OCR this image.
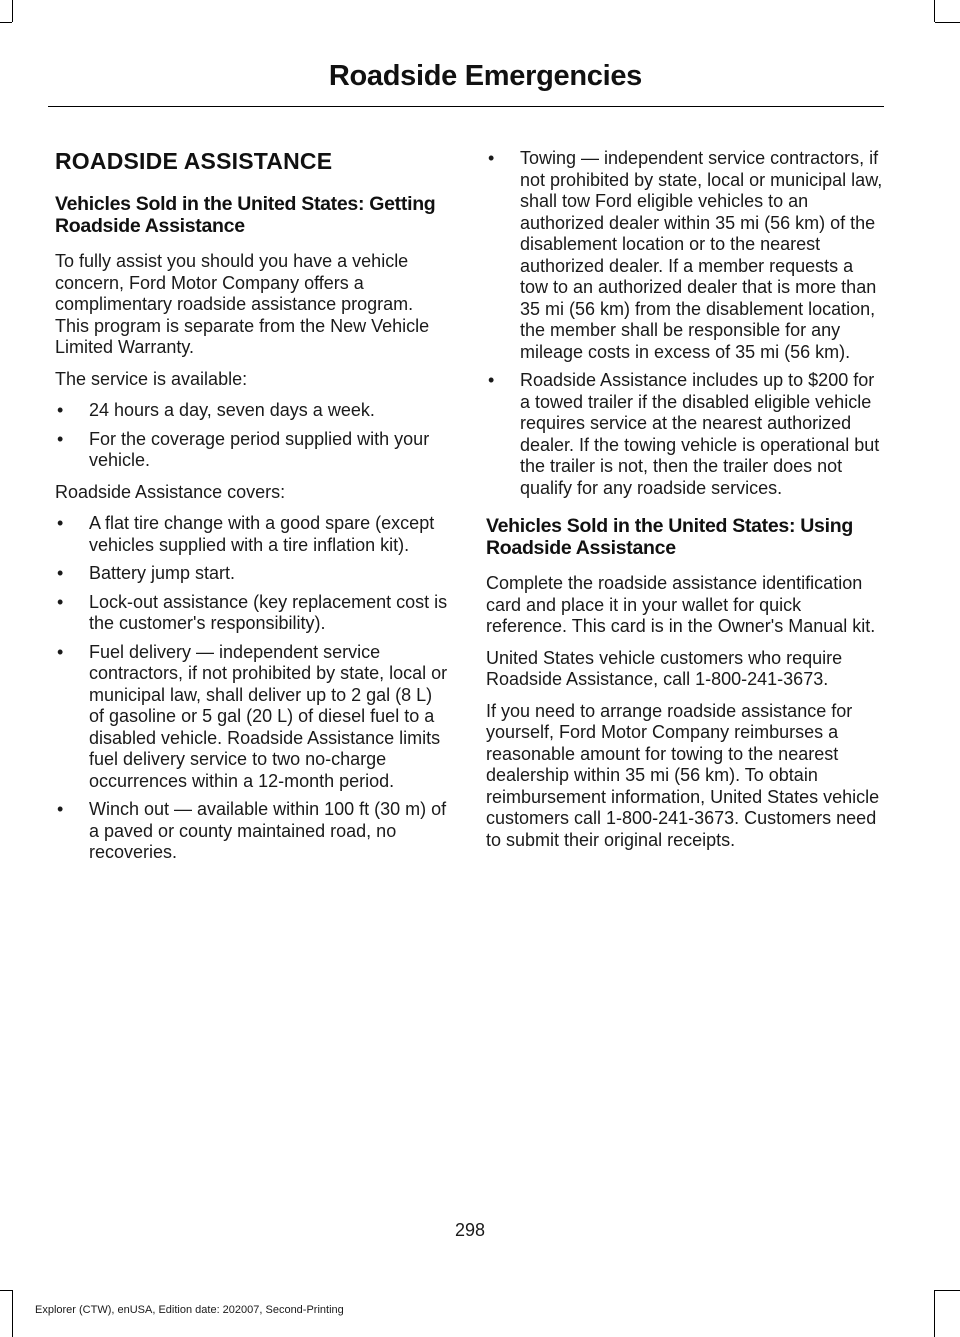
Roadside Emergencies
ROADSIDE ASSISTANCE
Vehicles Sold in the United States: Getting Roadside Assistance

To fully assist you should you have a vehicle concern, Ford Motor Company offers a complimentary roadside assistance program. This program is separate from the New Vehicle Limited Warranty.

The service is available:

• 24 hours a day, seven days a week.
• For the coverage period supplied with your vehicle.

Roadside Assistance covers:

• A flat tire change with a good spare (except vehicles supplied with a tire inflation kit).
• Battery jump start.
• Lock-out assistance (key replacement cost is the customer's responsibility).
• Fuel delivery — independent service contractors, if not prohibited by state, local or municipal law, shall deliver up to 2 gal (8 L) of gasoline or 5 gal (20 L) of diesel fuel to a disabled vehicle. Roadside Assistance limits fuel delivery service to two no-charge occurrences within a 12-month period.
• Winch out — available within 100 ft (30 m) of a paved or county maintained road, no recoveries.
• Towing — independent service contractors, if not prohibited by state, local or municipal law, shall tow Ford eligible vehicles to an authorized dealer within 35 mi (56 km) of the disablement location or to the nearest authorized dealer. If a member requests a tow to an authorized dealer that is more than 35 mi (56 km) from the disablement location, the member shall be responsible for any mileage costs in excess of 35 mi (56 km).
• Roadside Assistance includes up to $200 for a towed trailer if the disabled eligible vehicle requires service at the nearest authorized dealer. If the towing vehicle is operational but the trailer is not, then the trailer does not qualify for any roadside services.
Vehicles Sold in the United States: Using Roadside Assistance

Complete the roadside assistance identification card and place it in your wallet for quick reference. This card is in the Owner's Manual kit.

United States vehicle customers who require Roadside Assistance, call 1-800-241-3673.

If you need to arrange roadside assistance for yourself, Ford Motor Company reimburses a reasonable amount for towing to the nearest dealership within 35 mi (56 km). To obtain reimbursement information, United States vehicle customers call 1-800-241-3673. Customers need to submit their original receipts.

298
Explorer (CTW), enUSA, Edition date: 202007, Second-Printing
